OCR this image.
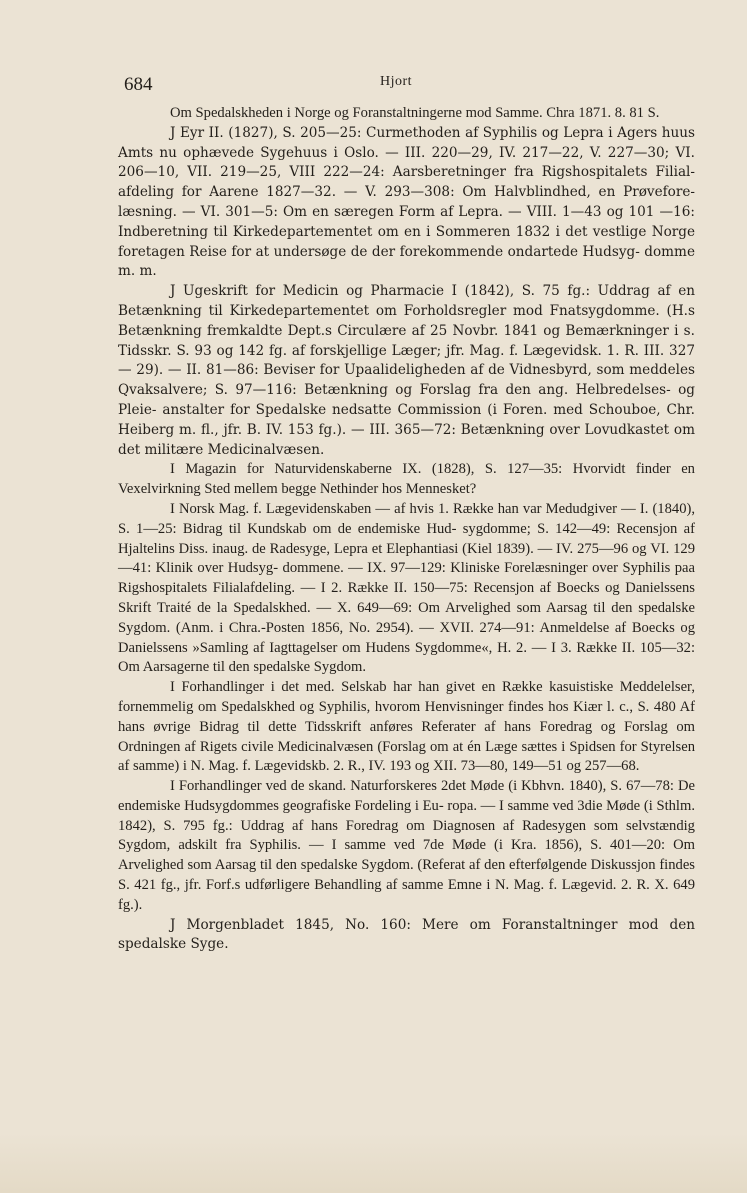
684	Hjort

Om Spedalskheden i Norge og Foranstaltningerne mod Samme. Chra 1871. 8. 81 S.

J Eyr II. (1827), S. 205—25: Curmethoden af Syphilis og Lepra i Agers huus Amts nu ophævede Sygehuus i Oslo. — III. 220—29, IV. 217—22, V. 227—30; VI. 206—10, VII. 219—25, VIII 222—24: Aarsberetninger fra Rigshospitalets Filial- afdeling for Aarene 1827—32. — V. 293—308: Om Halvblindhed, en Prøvefore- læsning. — VI. 301—5: Om en særegen Form af Lepra. — VIII. 1—43 og 101 —16: Indberetning til Kirkedepartementet om en i Sommeren 1832 i det vestlige Norge foretagen Reise for at undersøge de der forekommende ondartede Hudsyg- domme m. m.

J Ugeskrift for Medicin og Pharmacie I (1842), S. 75 fg.: Uddrag af en Betænkning til Kirkedepartementet om Forholdsregler mod Fnatsygdomme. (H.s Betænkning fremkaldte Dept.s Circulære af 25 Novbr. 1841 og Bemærkninger i s. Tidsskr. S. 93 og 142 fg. af forskjellige Læger; jfr. Mag. f. Lægevidsk. 1. R. III. 327— 29). — II. 81—86: Beviser for Upaalideligheden af de Vidnesbyrd, som meddeles Qvaksalvere; S. 97—116: Betænkning og Forslag fra den ang. Helbredelses- og Pleie- anstalter for Spedalske nedsatte Commission (i Foren. med Schouboe, Chr. Heiberg m. fl., jfr. B. IV. 153 fg.). — III. 365—72: Betænkning over Lovudkastet om det militære Medicinalvæsen.

I Magazin for Naturvidenskaberne IX. (1828), S. 127—35: Hvorvidt finder en Vexelvirkning Sted mellem begge Nethinder hos Mennesket?

I Norsk Mag. f. Lægevidenskaben — af hvis 1. Række han var Medudgiver — I. (1840), S. 1—25: Bidrag til Kundskab om de endemiske Hud- sygdomme; S. 142—49: Recensjon af Hjaltelins Diss. inaug. de Radesyge, Lepra et Elephantiasi (Kiel 1839). — IV. 275—96 og VI. 129—41: Klinik over Hudsyg- dommene. — IX. 97—129: Kliniske Forelæsninger over Syphilis paa Rigshospitalets Filialafdeling. — I 2. Række II. 150—75: Recensjon af Boecks og Danielssens Skrift Traité de la Spedalskhed. — X. 649—69: Om Arvelighed som Aarsag til den spedalske Sygdom. (Anm. i Chra.-Posten 1856, No. 2954). — XVII. 274—91: Anmeldelse af Boecks og Danielssens »Samling af Iagttagelser om Hudens Sygdomme«, H. 2. — I 3. Række II. 105—32: Om Aarsagerne til den spedalske Sygdom.

I Forhandlinger i det med. Selskab har han givet en Række kasuistiske Meddelelser, fornemmelig om Spedalskhed og Syphilis, hvorom Henvisninger findes hos Kiær l. c., S. 480 Af hans øvrige Bidrag til dette Tidsskrift anføres Referater af hans Foredrag og Forslag om Ordningen af Rigets civile Medicinalvæsen (Forslag om at én Læge sættes i Spidsen for Styrelsen af samme) i N. Mag. f. Lægevidskb. 2. R., IV. 193 og XII. 73—80, 149—51 og 257—68.

I Forhandlinger ved de skand. Naturforskeres 2det Møde (i Kbhvn. 1840), S. 67—78: De endemiske Hudsygdommes geografiske Fordeling i Eu- ropa. — I samme ved 3die Møde (i Sthlm. 1842), S. 795 fg.: Uddrag af hans Foredrag om Diagnosen af Radesygen som selvstændig Sygdom, adskilt fra Syphilis. — I samme ved 7de Møde (i Kra. 1856), S. 401—20: Om Arvelighed som Aarsag til den spedalske Sygdom. (Referat af den efterfølgende Diskussjon findes S. 421 fg., jfr. Forf.s udførligere Behandling af samme Emne i N. Mag. f. Lægevid. 2. R. X. 649 fg.).

J Morgenbladet 1845, No. 160: Mere om Foranstaltninger mod den spedalske Syge.
